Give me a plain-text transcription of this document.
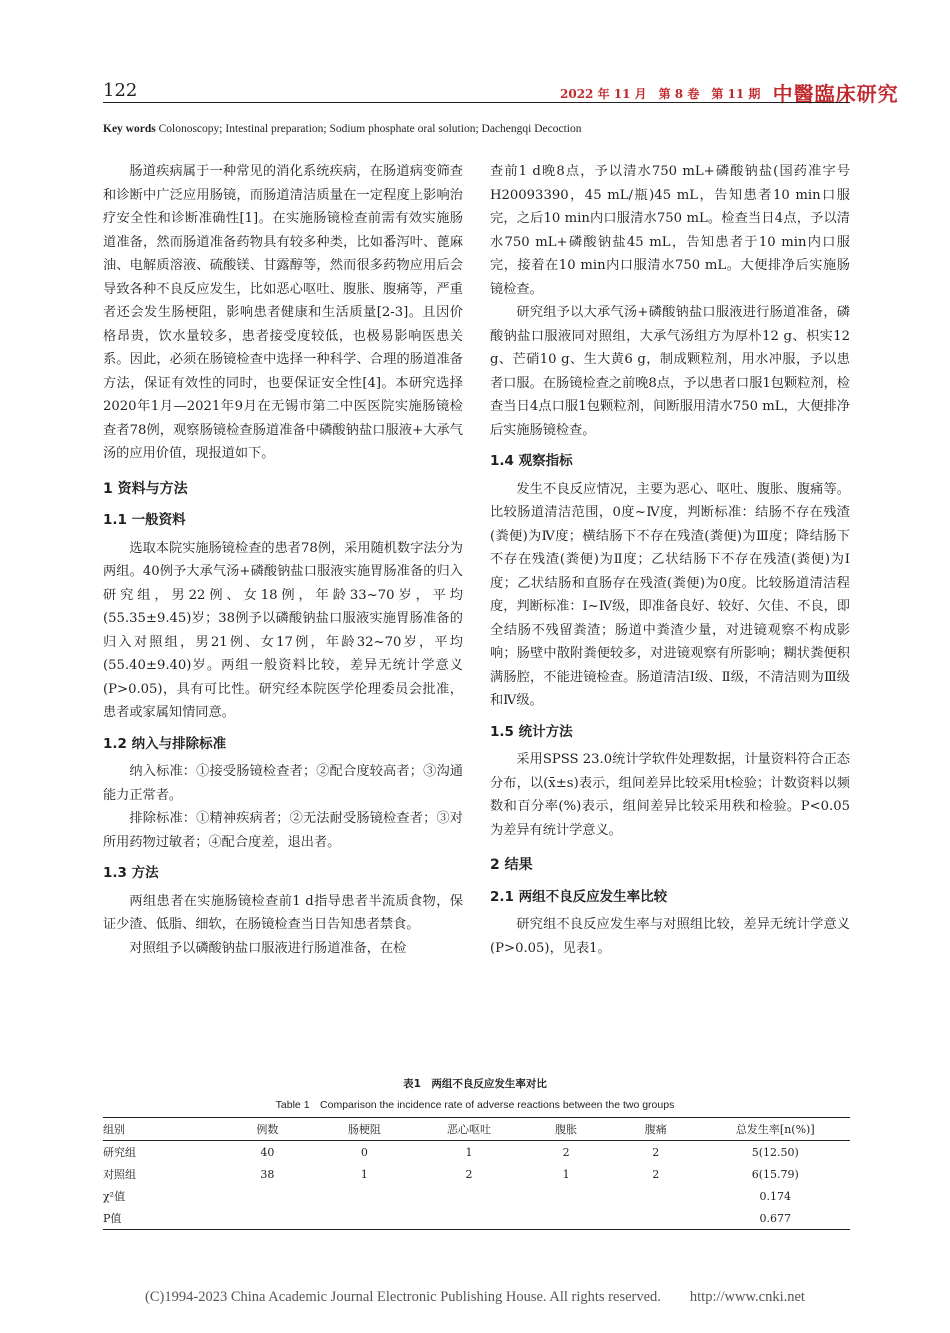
122	2022 年 11 月　第 8 卷　第 11 期 中醫臨床研究
Key words Colonoscopy; Intestinal preparation; Sodium phosphate oral solution; Dachengqi Decoction

肠道疾病属于一种常见的消化系统疾病，在肠道病变筛查和诊断中广泛应用肠镜，而肠道清洁质量在一定程度上影响治疗安全性和诊断准确性[1]。在实施肠镜检查前需有效实施肠道准备，然而肠道准备药物具有较多种类，比如番泻叶、蓖麻油、电解质溶液、硫酸镁、甘露醇等，然而很多药物应用后会导致各种不良反应发生，比如恶心呕吐、腹胀、腹痛等，严重者还会发生肠梗阻，影响患者健康和生活质量[2-3]。且因价格昂贵，饮水量较多，患者接受度较低，也极易影响医患关系。因此，必须在肠镜检查中选择一种科学、合理的肠道准备方法，保证有效性的同时，也要保证安全性[4]。本研究选择2020年1月—2021年9月在无锡市第二中医医院实施肠镜检查者78例，观察肠镜检查肠道准备中磷酸钠盐口服液+大承气汤的应用价值，现报道如下。

1 资料与方法
1.1 一般资料

选取本院实施肠镜检查的患者78例，采用随机数字法分为两组。40例予大承气汤+磷酸钠盐口服液实施胃肠准备的归入研究组，男22例、女18例，年龄33~70岁，平均(55.35±9.45)岁；38例予以磷酸钠盐口服液实施胃肠准备的归入对照组，男21例、女17例，年龄32~70岁，平均(55.40±9.40)岁。两组一般资料比较，差异无统计学意义(P>0.05)，具有可比性。研究经本院医学伦理委员会批准，患者或家属知情同意。

1.2 纳入与排除标准

纳入标准：①接受肠镜检查者；②配合度较高者；③沟通能力正常者。

排除标准：①精神疾病者；②无法耐受肠镜检查者；③对所用药物过敏者；④配合度差，退出者。

1.3 方法

两组患者在实施肠镜检查前1 d指导患者半流质食物，保证少渣、低脂、细软，在肠镜检查当日告知患者禁食。

对照组予以磷酸钠盐口服液进行肠道准备，在检

查前1 d晚8点，予以清水750 mL+磷酸钠盐(国药准字号H20093390，45 mL/瓶)45 mL，告知患者10 min口服完，之后10 min内口服清水750 mL。检查当日4点，予以清水750 mL+磷酸钠盐45 mL，告知患者于10 min内口服完，接着在10 min内口服清水750 mL。大便排净后实施肠镜检查。

研究组予以大承气汤+磷酸钠盐口服液进行肠道准备，磷酸钠盐口服液同对照组，大承气汤组方为厚朴12 g、枳实12 g、芒硝10 g、生大黄6 g，制成颗粒剂，用水冲服，予以患者口服。在肠镜检查之前晚8点，予以患者口服1包颗粒剂，检查当日4点口服1包颗粒剂，间断服用清水750 mL，大便排净后实施肠镜检查。

1.4 观察指标

发生不良反应情况，主要为恶心、呕吐、腹胀、腹痛等。比较肠道清洁范围，0度~Ⅳ度，判断标准：结肠不存在残渣(粪便)为Ⅳ度；横结肠下不存在残渣(粪便)为Ⅲ度；降结肠下不存在残渣(粪便)为Ⅱ度；乙状结肠下不存在残渣(粪便)为Ⅰ度；乙状结肠和直肠存在残渣(粪便)为0度。比较肠道清洁程度，判断标准：Ⅰ~Ⅳ级，即准备良好、较好、欠佳、不良，即全结肠不残留粪渣；肠道中粪渣少量，对进镜观察不构成影响；肠壁中散附粪便较多，对进镜观察有所影响；糊状粪便积满肠腔，不能进镜检查。肠道清洁Ⅰ级、Ⅱ级，不清洁则为Ⅲ级和Ⅳ级。

1.5 统计方法

采用SPSS 23.0统计学软件处理数据，计量资料符合正态分布，以(x̄±s)表示，组间差异比较采用t检验；计数资料以频数和百分率(%)表示，组间差异比较采用秩和检验。P<0.05为差异有统计学意义。

2 结果
2.1 两组不良反应发生率比较

研究组不良反应发生率与对照组比较，差异无统计学意义(P>0.05)，见表1。

表1　两组不良反应发生率对比
Table 1　Comparison the incidence rate of adverse reactions between the two groups
组别	例数	肠梗阻	恶心呕吐	腹胀	腹痛	总发生率[n(%)]
研究组	40	0	1	2	2	5(12.50)
对照组	38	1	2	1	2	6(15.79)
χ²值						0.174
P值						0.677
(C)1994-2023 China Academic Journal Electronic Publishing House. All rights reserved.　　http://www.cnki.net
